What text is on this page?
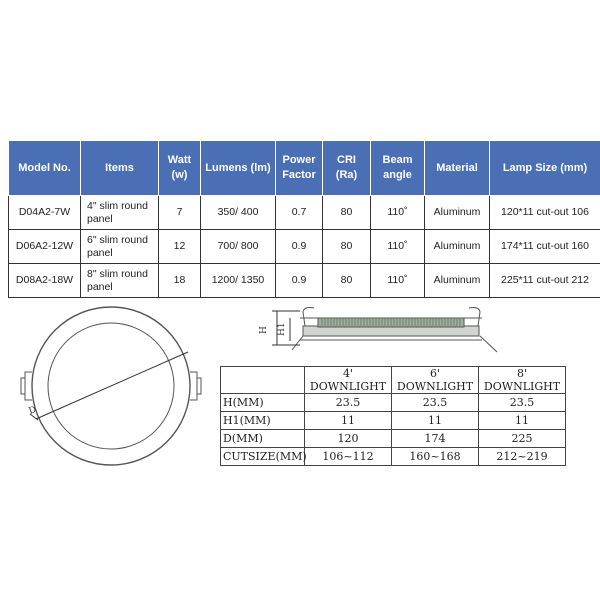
Model No.	Items	Watt (w)	Lumens (lm)	Power Factor	CRI (Ra)	Beam angle	Material	Lamp Size (mm)
D04A2-7W	4" slim round panel	7	350/ 400	0.7	80	110˚	Aluminum	120*11 cut-out 106
D06A2-12W	6" slim round panel	12	700/ 800	0.9	80	110˚	Aluminum	174*11 cut-out 160
D08A2-18W	8" slim round panel	18	1200/ 1350	0.9	80	110˚	Aluminum	225*11 cut-out 212
D
H H1
	4' DOWNLIGHT	6' DOWNLIGHT	8' DOWNLIGHT
H(MM)	23.5	23.5	23.5
H1(MM)	11	11	11
D(MM)	120	174	225
CUTSIZE(MM)	106~112	160~168	212~219
